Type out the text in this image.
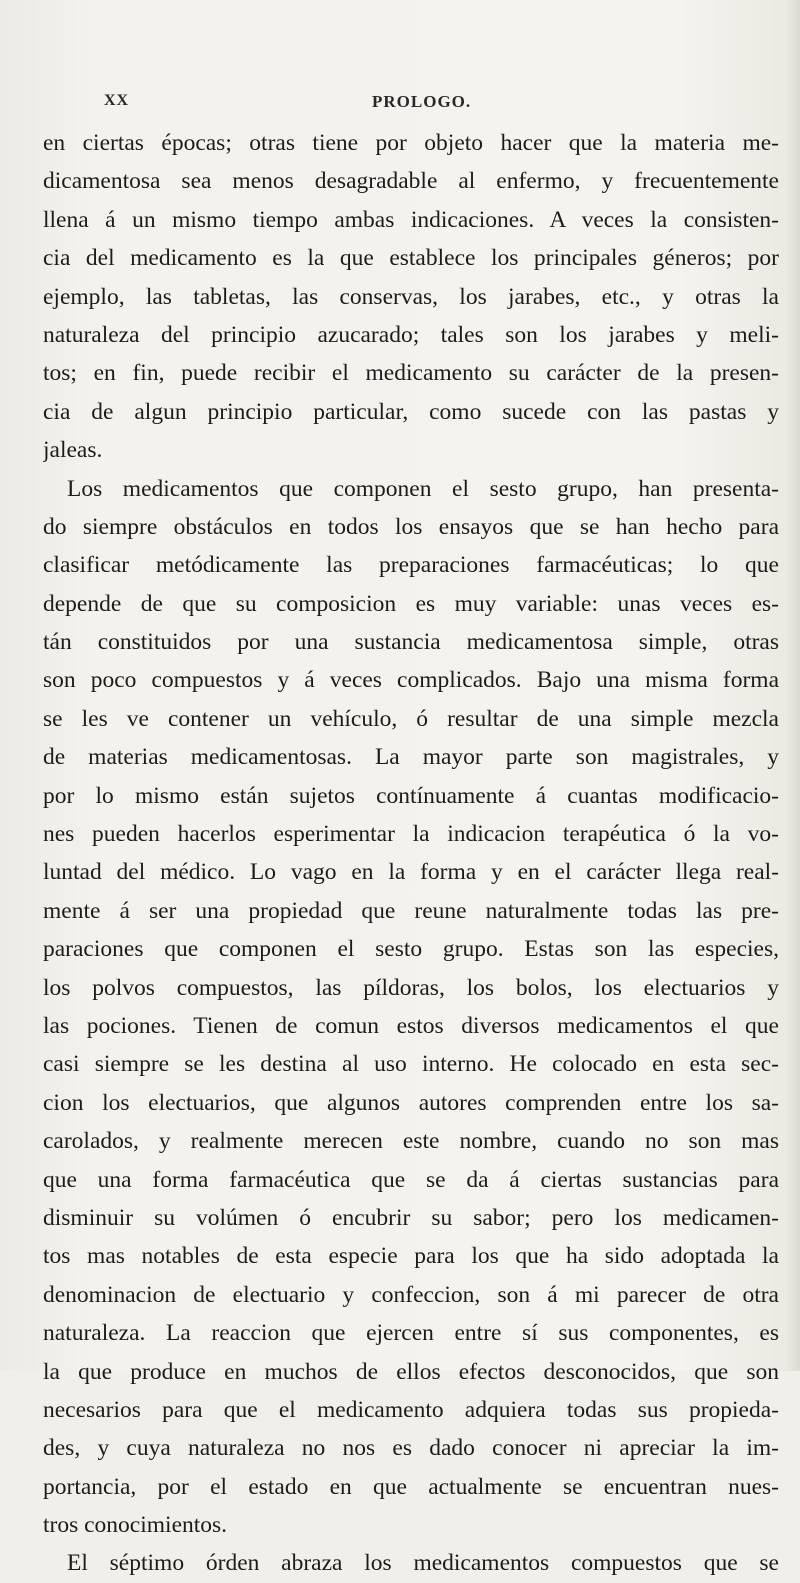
XX	PROLOGO.
en ciertas épocas; otras tiene por objeto hacer que la materia me-
dicamentosa sea menos desagradable al enfermo, y frecuentemente
llena á un mismo tiempo ambas indicaciones. A veces la consisten-
cia del medicamento es la que establece los principales géneros; por
ejemplo, las tabletas, las conservas, los jarabes, etc., y otras la
naturaleza del principio azucarado; tales son los jarabes y meli-
tos; en fin, puede recibir el medicamento su carácter de la presen-
cia de algun principio particular, como sucede con las pastas y
jaleas.
Los medicamentos que componen el sesto grupo, han presenta-
do siempre obstáculos en todos los ensayos que se han hecho para
clasificar metódicamente las preparaciones farmacéuticas; lo que
depende de que su composicion es muy variable: unas veces es-
tán constituidos por una sustancia medicamentosa simple, otras
son poco compuestos y á veces complicados. Bajo una misma forma
se les ve contener un vehículo, ó resultar de una simple mezcla
de materias medicamentosas. La mayor parte son magistrales, y
por lo mismo están sujetos contínuamente á cuantas modificacio-
nes pueden hacerlos esperimentar la indicacion terapéutica ó la vo-
luntad del médico. Lo vago en la forma y en el carácter llega real-
mente á ser una propiedad que reune naturalmente todas las pre-
paraciones que componen el sesto grupo. Estas son las especies,
los polvos compuestos, las píldoras, los bolos, los electuarios y
las pociones. Tienen de comun estos diversos medicamentos el que
casi siempre se les destina al uso interno. He colocado en esta sec-
cion los electuarios, que algunos autores comprenden entre los sa-
carolados, y realmente merecen este nombre, cuando no son mas
que una forma farmacéutica que se da á ciertas sustancias para
disminuir su volúmen ó encubrir su sabor; pero los medicamen-
tos mas notables de esta especie para los que ha sido adoptada la
denominacion de electuario y confeccion, son á mi parecer de otra
naturaleza. La reaccion que ejercen entre sí sus componentes, es
la que produce en muchos de ellos efectos desconocidos, que son
necesarios para que el medicamento adquiera todas sus propieda-
des, y cuya naturaleza no nos es dado conocer ni apreciar la im-
portancia, por el estado en que actualmente se encuentran nues-
tros conocimientos.
El séptimo órden abraza los medicamentos compuestos que se
